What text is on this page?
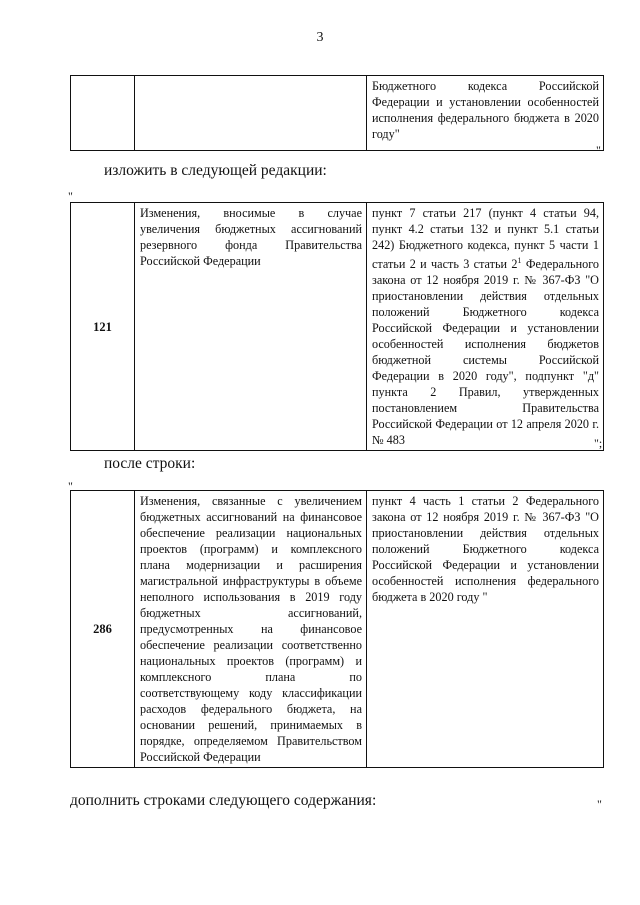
3
		Бюджетного кодекса Российской Федерации и установлении особенностей исполнения федерального бюджета в 2020 году"
"
изложить в следующей редакции:
"
121	Изменения, вносимые в случае увеличения бюджетных ассигнований резервного фонда Правительства Российской Федерации	пункт 7 статьи 217 (пункт 4 статьи 94, пункт 4.2 статьи 132 и пункт 5.1 статьи 242) Бюджетного кодекса, пункт 5 части 1 статьи 2 и часть 3 статьи $2^1$ Федерального закона от 12 ноября 2019 г. № 367-ФЗ "О приостановлении действия отдельных положений Бюджетного кодекса Российской Федерации и установлении особенностей исполнения бюджетов бюджетной системы Российской Федерации в 2020 году", подпункт "д" пункта 2 Правил, утвержденных постановлением Правительства Российской Федерации от 12 апреля 2020 г. № 483	";
после строки:
"
286	Изменения, связанные с увеличением бюджетных ассигнований на финансовое обеспечение реализации национальных проектов (программ) и комплексного плана модернизации и расширения магистральной инфраструктуры в объеме неполного использования в 2019 году бюджетных ассигнований, предусмотренных на финансовое обеспечение реализации соответственно национальных проектов (программ) и комплексного плана по соответствующему коду классификации расходов федерального бюджета, на основании решений, принимаемых в порядке, определяемом Правительством Российской Федерации	пункт 4 часть 1 статьи 2 Федерального закона от 12 ноября 2019 г. № 367-ФЗ "О приостановлении действия отдельных положений Бюджетного кодекса Российской Федерации и установлении особенностей исполнения федерального бюджета в 2020 году "
"
дополнить строками следующего содержания:
